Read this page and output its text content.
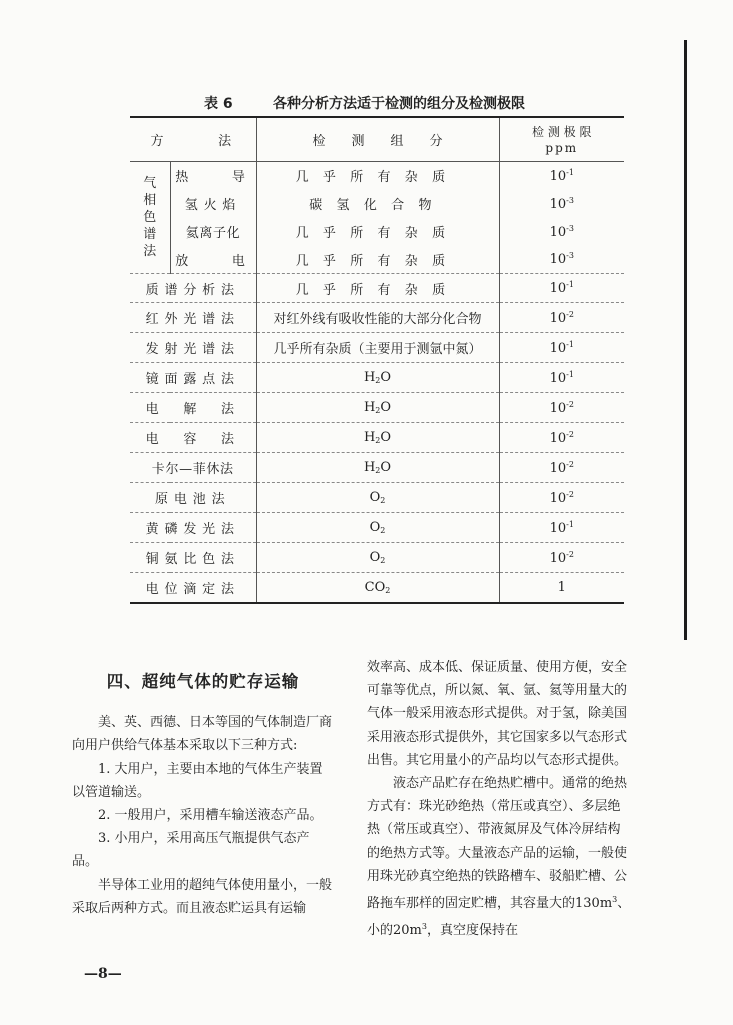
表 6	各种分析方法适于检测的组分及检测极限
方　　　法		检　　测　　组　　分	检 测 极 限
ppm

气
相
色
谱
法	热　　导	几乎所有杂质	$10^{-1}$
	氢火焰	碳氢化合物	$10^{-3}$
	氦离子化	几乎所有杂质	$10^{-3}$
	放　　电	几乎所有杂质	$10^{-3}$
质谱分析法		几乎所有杂质	$10^{-1}$
红外光谱法		对红外线有吸收性能的大部分化合物	$10^{-2}$
发射光谱法		几乎所有杂质（主要用于测氩中氮）	$10^{-1}$
镜面露点法		$H_2O$	$10^{-1}$
电　解　法		$H_2O$	$10^{-2}$
电　容　法		$H_2O$	$10^{-2}$
卡尔—菲休法		$H_2O$	$10^{-2}$
原电池法		$O_2$	$10^{-2}$
黄磷发光法		$O_2$	$10^{-1}$
铜氨比色法		$O_2$	$10^{-2}$
电位滴定法		$CO_2$	1

四、超纯气体的贮存运输

美、英、西德、日本等国的气体制造厂商向用户供给气体基本采取以下三种方式:

1. 大用户，主要由本地的气体生产装置以管道输送。

2. 一般用户，采用槽车输送液态产品。

3. 小用户，采用高压气瓶提供气态产品。

半导体工业用的超纯气体使用量小，一般采取后两种方式。而且液态贮运具有运输

效率高、成本低、保证质量、使用方便，安全可靠等优点，所以氮、氧、氩、氦等用量大的气体一般采用液态形式提供。对于氢，除美国采用液态形式提供外，其它国家多以气态形式出售。其它用量小的产品均以气态形式提供。

液态产品贮存在绝热贮槽中。通常的绝热方式有：珠光砂绝热（常压或真空）、多层绝热（常压或真空）、带液氮屏及气体冷屏结构的绝热方式等。大量液态产品的运输，一般使用珠光砂真空绝热的铁路槽车、驳船贮槽、公路拖车那样的固定贮槽，其容量大的$130m^3$、小的$20m^3$，真空度保持在

—8—
